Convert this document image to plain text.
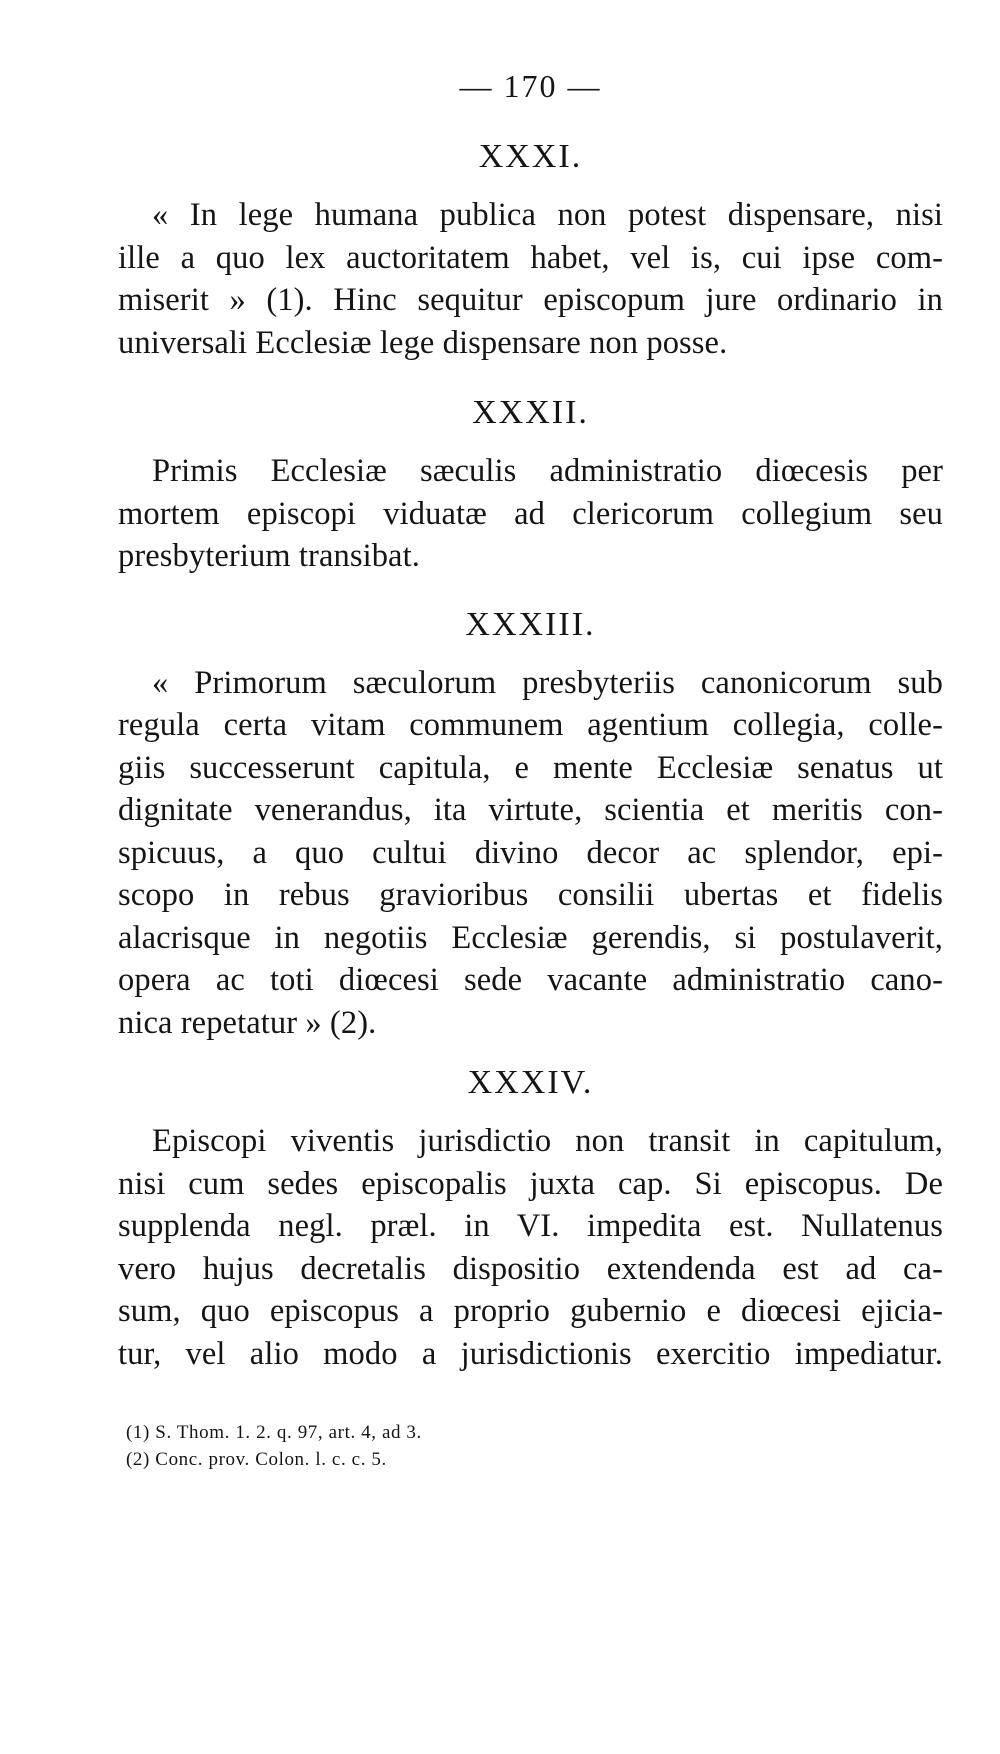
— 170 —
XXXI.
« In lege humana publica non potest dispensare, nisi
ille a quo lex auctoritatem habet, vel is, cui ipse com-
miserit » (1). Hinc sequitur episcopum jure ordinario in
universali Ecclesiæ lege dispensare non posse.
XXXII.
Primis Ecclesiæ sæculis administratio diœcesis per
mortem episcopi viduatæ ad clericorum collegium seu
presbyterium transibat.
XXXIII.
« Primorum sæculorum presbyteriis canonicorum sub
regula certa vitam communem agentium collegia, colle-
giis successerunt capitula, e mente Ecclesiæ senatus ut
dignitate venerandus, ita virtute, scientia et meritis con-
spicuus, a quo cultui divino decor ac splendor, epi-
scopo in rebus gravioribus consilii ubertas et fidelis
alacrisque in negotiis Ecclesiæ gerendis, si postulaverit,
opera ac toti diœcesi sede vacante administratio cano-
nica repetatur » (2).
XXXIV.
Episcopi viventis jurisdictio non transit in capitulum,
nisi cum sedes episcopalis juxta cap. Si episcopus. De
supplenda negl. præl. in VI. impedita est. Nullatenus
vero hujus decretalis dispositio extendenda est ad ca-
sum, quo episcopus a proprio gubernio e diœcesi ejicia-
tur, vel alio modo a jurisdictionis exercitio impediatur.
(1) S. Thom. 1. 2. q. 97, art. 4, ad 3.
(2) Conc. prov. Colon. l. c. c. 5.
